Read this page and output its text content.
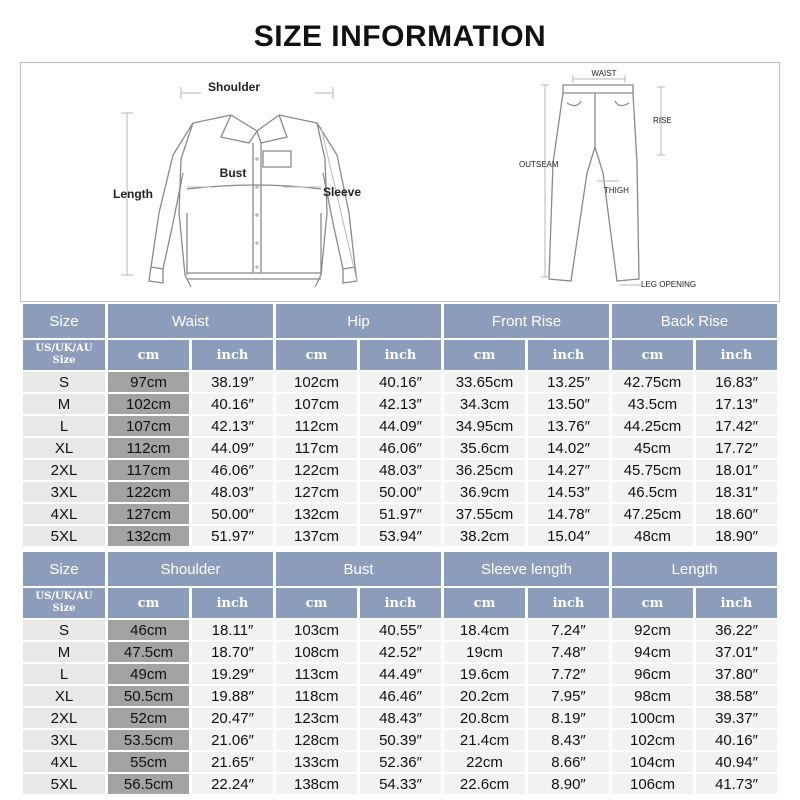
SIZE INFORMATION
Shoulder
Bust
Length	Sleeve
WAIST
RISE
OUTSEAM
THIGH
LEG OPENING
Size	Waist		Hip		Front Rise		Back Rise	
US/UK/AU Size	cm	inch	cm	inch	cm	inch	cm	inch
S	97cm	38.19″	102cm	40.16″	33.65cm	13.25″	42.75cm	16.83″
M	102cm	40.16″	107cm	42.13″	34.3cm	13.50″	43.5cm	17.13″
L	107cm	42.13″	112cm	44.09″	34.95cm	13.76″	44.25cm	17.42″
XL	112cm	44.09″	117cm	46.06″	35.6cm	14.02″	45cm	17.72″
2XL	117cm	46.06″	122cm	48.03″	36.25cm	14.27″	45.75cm	18.01″
3XL	122cm	48.03″	127cm	50.00″	36.9cm	14.53″	46.5cm	18.31″
4XL	127cm	50.00″	132cm	51.97″	37.55cm	14.78″	47.25cm	18.60″
5XL	132cm	51.97″	137cm	53.94″	38.2cm	15.04″	48cm	18.90″
Size	Shoulder		Bust		Sleeve length		Length	
US/UK/AU Size	cm	inch	cm	inch	cm	inch	cm	inch
S	46cm	18.11″	103cm	40.55″	18.4cm	7.24″	92cm	36.22″
M	47.5cm	18.70″	108cm	42.52″	19cm	7.48″	94cm	37.01″
L	49cm	19.29″	113cm	44.49″	19.6cm	7.72″	96cm	37.80″
XL	50.5cm	19.88″	118cm	46.46″	20.2cm	7.95″	98cm	38.58″
2XL	52cm	20.47″	123cm	48.43″	20.8cm	8.19″	100cm	39.37″
3XL	53.5cm	21.06″	128cm	50.39″	21.4cm	8.43″	102cm	40.16″
4XL	55cm	21.65″	133cm	52.36″	22cm	8.66″	104cm	40.94″
5XL	56.5cm	22.24″	138cm	54.33″	22.6cm	8.90″	106cm	41.73″
